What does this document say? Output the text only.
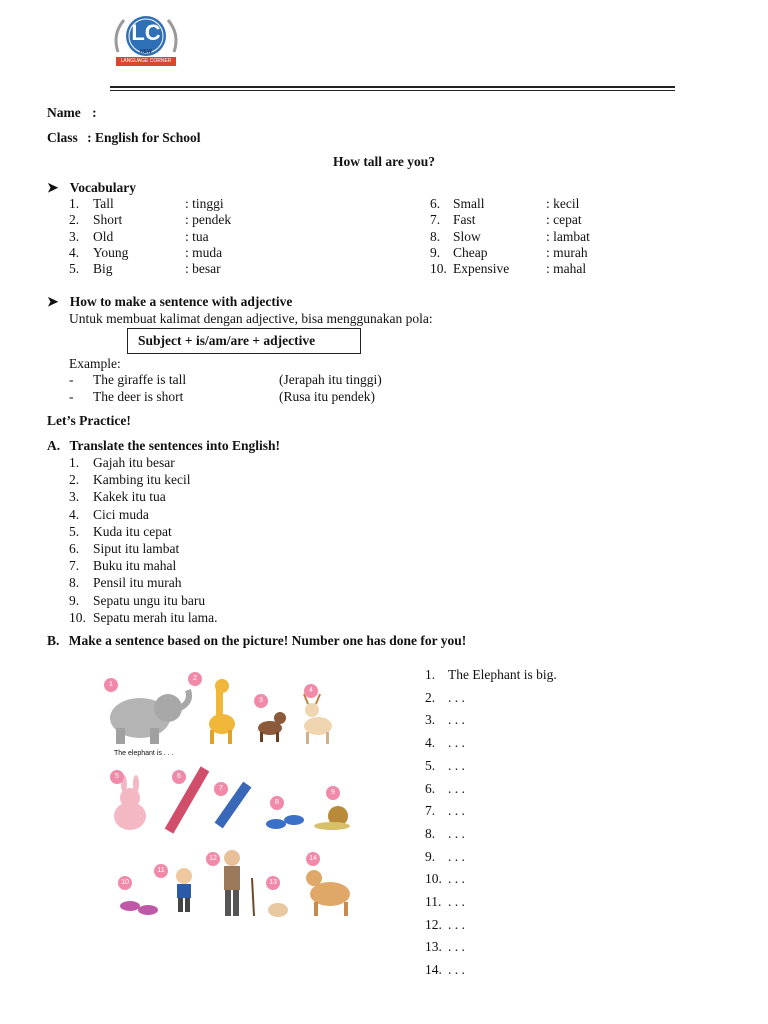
LC
NEW
LANGUAGE CORNER
Name :
Class : English for School
How tall are you?
➤ Vocabulary
1. Tall	: tinggi
2. Short	: pendek
3. Old	: tua
4. Young	: muda
5. Big	: besar
6. Small	: kecil
7. Fast	: cepat
8. Slow	: lambat
9. Cheap	: murah
10. Expensive	: mahal
➤ How to make a sentence with adjective
Untuk membuat kalimat dengan adjective, bisa menggunakan pola:
Subject + is/am/are + adjective
Example:
- The giraffe is tall	(Jerapah itu tinggi)
- The deer is short	(Rusa itu pendek)
Let’s Practice!
A. Translate the sentences into English!
1. Gajah itu besar
2. Kambing itu kecil
3. Kakek itu tua
4. Cici muda
5. Kuda itu cepat
6. Siput itu lambat
7. Buku itu mahal
8. Pensil itu murah
9. Sepatu ungu itu baru
10. Sepatu merah itu lama.
B. Make a sentence based on the picture! Number one has done for you!
The elephant is . . .
1
2
3
4
5	6
7
8
9
10
11
12
13
14
1. The Elephant is big.
2. . . .
3. . . .
4. . . .
5. . . .
6. . . .
7. . . .
8. . . .
9. . . .
10. . . .
11. . . .
12. . . .
13. . . .
14. . . .
